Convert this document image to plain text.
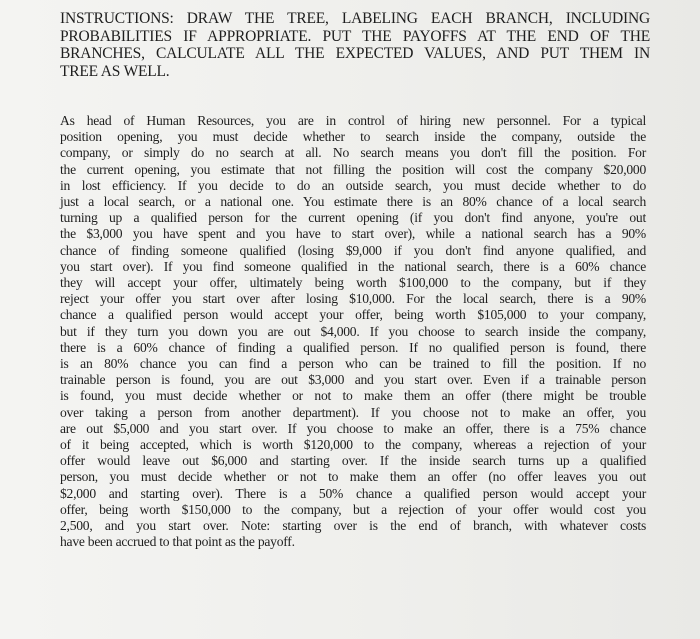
INSTRUCTIONS: DRAW THE TREE, LABELING EACH BRANCH, INCLUDING
PROBABILITIES IF APPROPRIATE. PUT THE PAYOFFS AT THE END OF THE
BRANCHES, CALCULATE ALL THE EXPECTED VALUES, AND PUT THEM IN
TREE AS WELL.
As head of Human Resources, you are in control of hiring new personnel. For a typical
position opening, you must decide whether to search inside the company, outside the
company, or simply do no search at all. No search means you don't fill the position. For
the current opening, you estimate that not filling the position will cost the company $20,000
in lost efficiency. If you decide to do an outside search, you must decide whether to do
just a local search, or a national one. You estimate there is an 80% chance of a local search
turning up a qualified person for the current opening (if you don't find anyone, you're out
the $3,000 you have spent and you have to start over), while a national search has a 90%
chance of finding someone qualified (losing $9,000 if you don't find anyone qualified, and
you start over). If you find someone qualified in the national search, there is a 60% chance
they will accept your offer, ultimately being worth $100,000 to the company, but if they
reject your offer you start over after losing $10,000. For the local search, there is a 90%
chance a qualified person would accept your offer, being worth $105,000 to your company,
but if they turn you down you are out $4,000. If you choose to search inside the company,
there is a 60% chance of finding a qualified person. If no qualified person is found, there
is an 80% chance you can find a person who can be trained to fill the position. If no
trainable person is found, you are out $3,000 and you start over. Even if a trainable person
is found, you must decide whether or not to make them an offer (there might be trouble
over taking a person from another department). If you choose not to make an offer, you
are out $5,000 and you start over. If you choose to make an offer, there is a 75% chance
of it being accepted, which is worth $120,000 to the company, whereas a rejection of your
offer would leave out $6,000 and starting over. If the inside search turns up a qualified
person, you must decide whether or not to make them an offer (no offer leaves you out
$2,000 and starting over). There is a 50% chance a qualified person would accept your
offer, being worth $150,000 to the company, but a rejection of your offer would cost you
2,500, and you start over. Note: starting over is the end of branch, with whatever costs
have been accrued to that point as the payoff.
